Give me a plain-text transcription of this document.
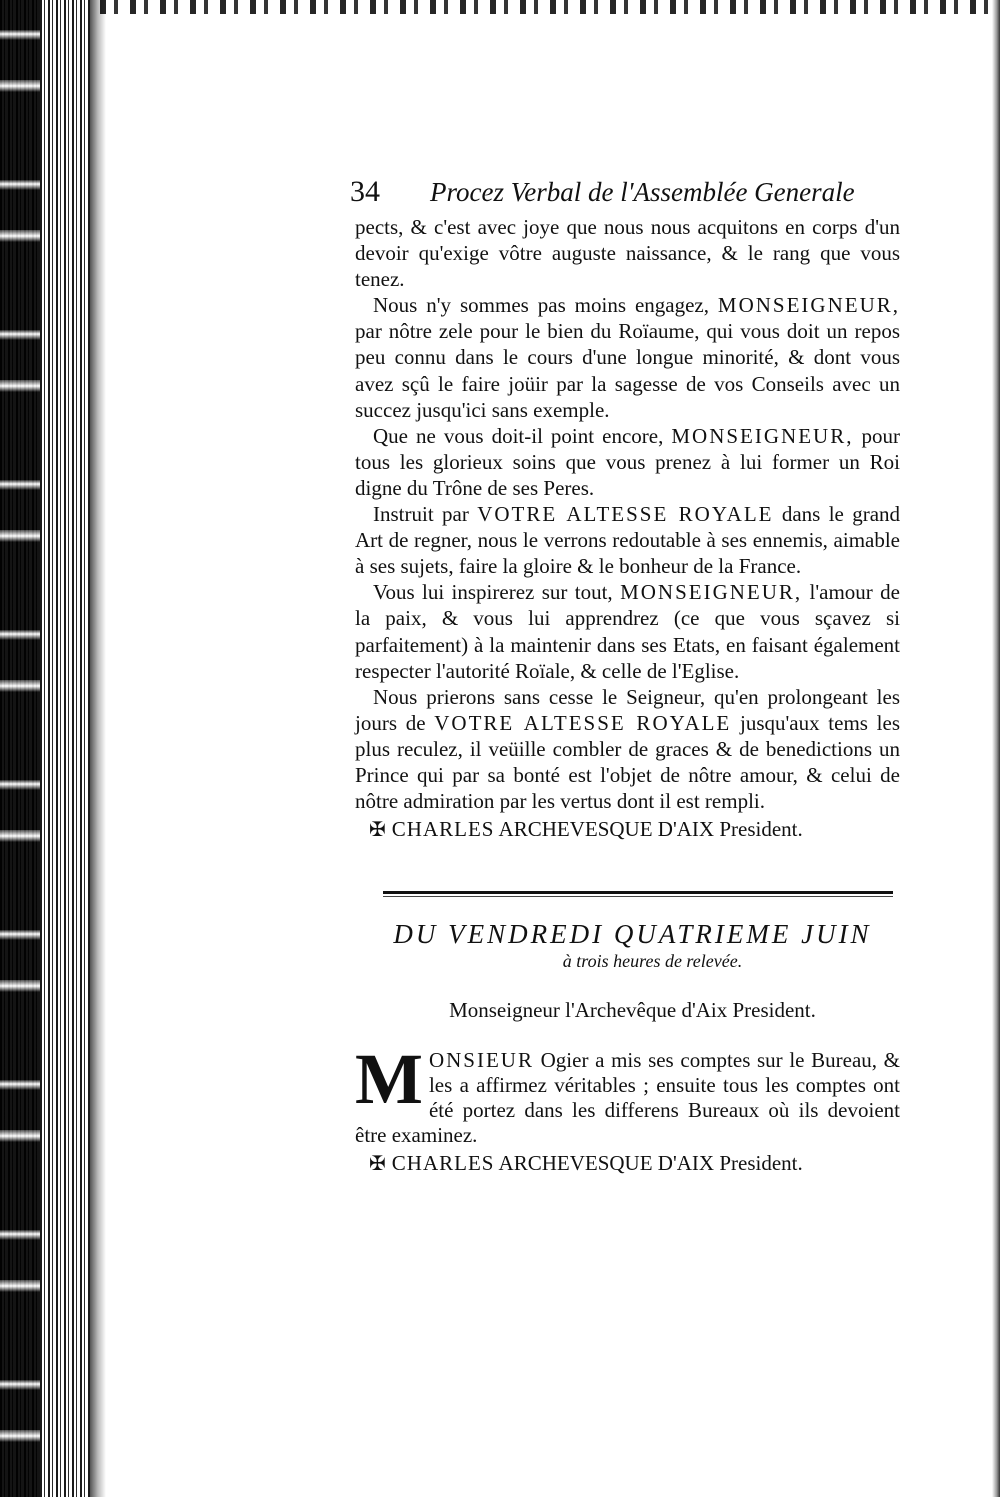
34 Procez Verbal de l'Assemblée Generale

pects, & c'est avec joye que nous nous acquitons en corps d'un devoir qu'exige vôtre auguste naissance, & le rang que vous tenez.

Nous n'y sommes pas moins engagez, MONSEIGNEUR, par nôtre zele pour le bien du Roïaume, qui vous doit un repos peu connu dans le cours d'une longue minorité, & dont vous avez sçû le faire joüir par la sagesse de vos Conseils avec un succez jusqu'ici sans exemple.

Que ne vous doit-il point encore, MONSEIGNEUR, pour tous les glorieux soins que vous prenez à lui former un Roi digne du Trône de ses Peres.

Instruit par VOTRE ALTESSE ROYALE dans le grand Art de regner, nous le verrons redoutable à ses ennemis, aimable à ses sujets, faire la gloire & le bonheur de la France.

Vous lui inspirerez sur tout, MONSEIGNEUR, l'amour de la paix, & vous lui apprendrez (ce que vous sçavez si parfaitement) à la maintenir dans ses Etats, en faisant également respecter l'autorité Roïale, & celle de l'Eglise.

Nous prierons sans cesse le Seigneur, qu'en prolongeant les jours de VOTRE ALTESSE ROYALE jusqu'aux tems les plus reculez, il veüille combler de graces & de benedictions un Prince qui par sa bonté est l'objet de nôtre amour, & celui de nôtre admiration par les vertus dont il est rempli.

✠ CHARLES ARCHEVESQUE D'AIX President.

DU VENDREDI QUATRIEME JUIN
à trois heures de relevée.
Monseigneur l'Archevêque d'Aix President.
M ONSIEUR Ogier a mis ses comptes sur le Bureau, & les a affirmez véritables ; ensuite tous les comptes ont été portez dans les differens Bureaux où ils devoient être examinez.

✠ CHARLES ARCHEVESQUE D'AIX President.
